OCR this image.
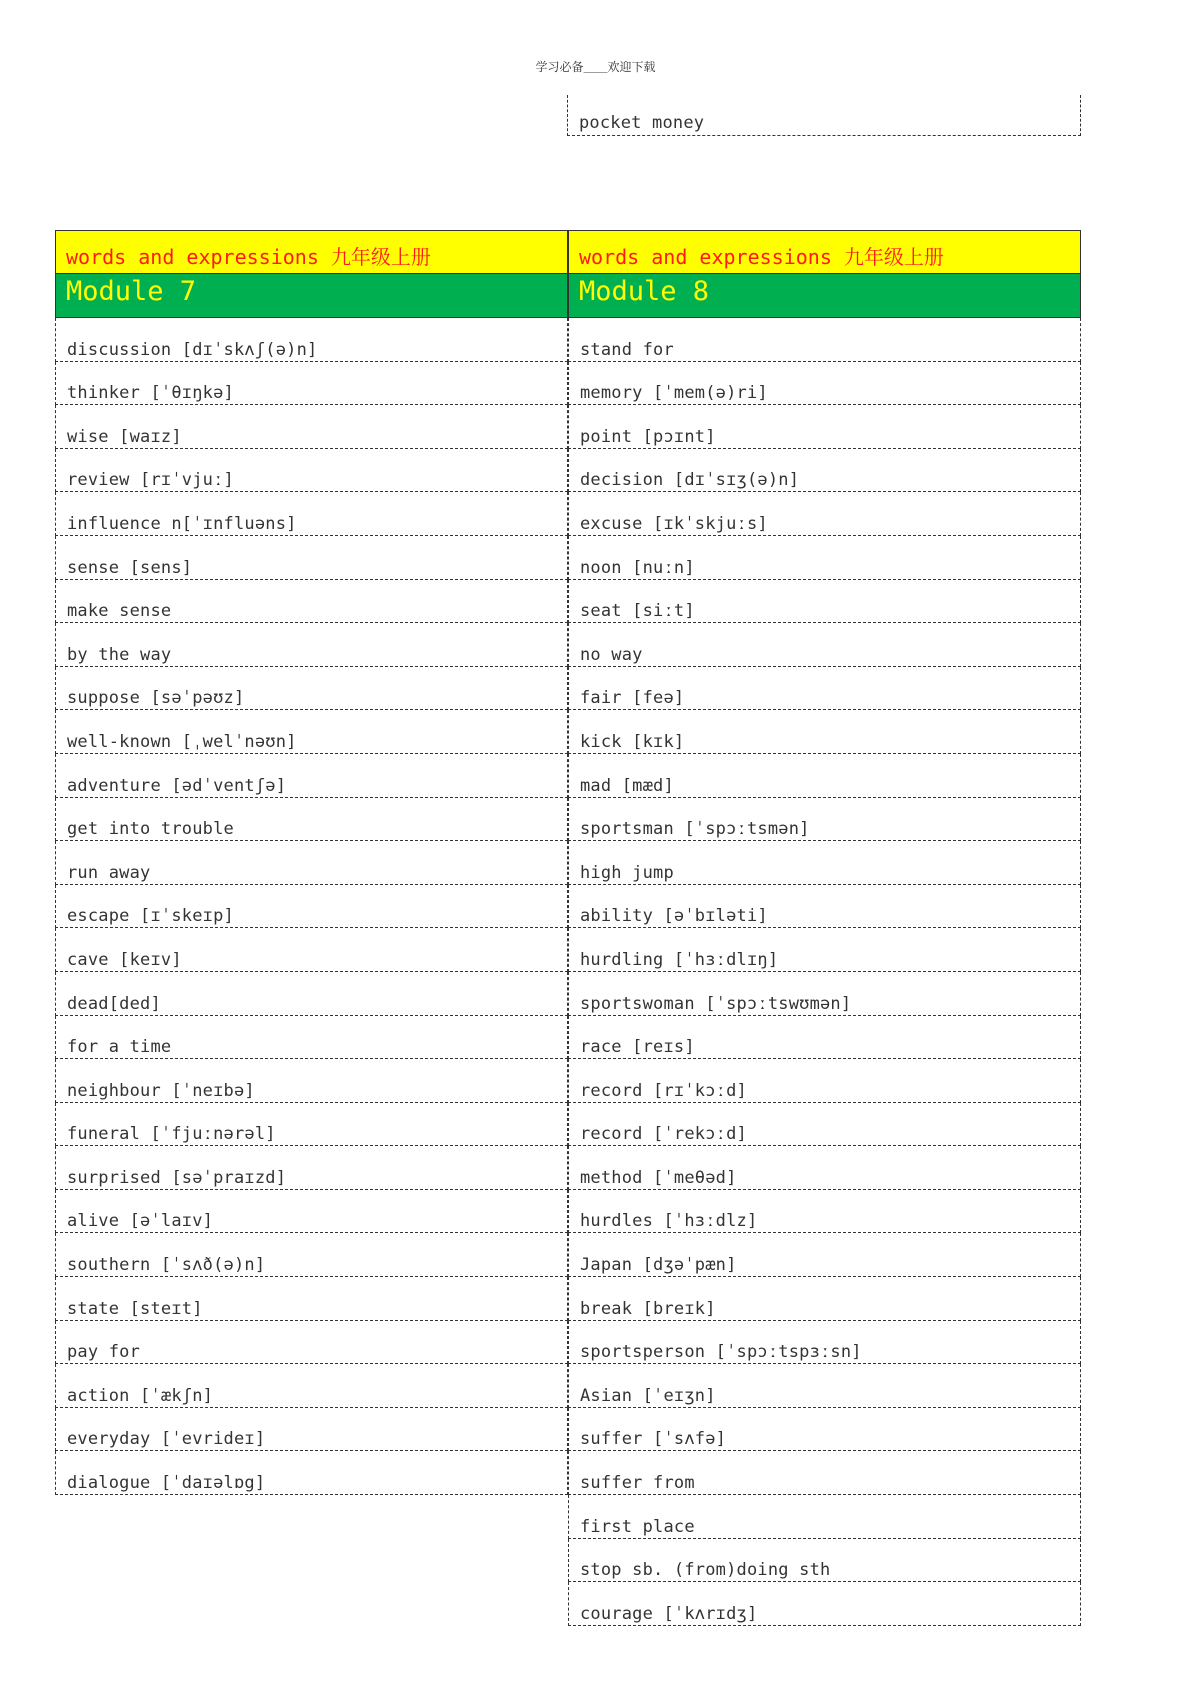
学习必备＿＿欢迎下载
pocket money
words and expressions 九年级上册
Module 7
discussion [dɪˈskʌʃ(ə)n]
thinker [ˈθɪŋkə]
wise [waɪz]
review [rɪˈvjuː]
influence n[ˈɪnfluəns]
sense [sens]
make sense
by the way
suppose [səˈpəʊz]
well-known [ˌwelˈnəʊn]
adventure [ədˈventʃə]
get into trouble
run away
escape [ɪˈskeɪp]
cave [keɪv]
dead[ded]
for a time
neighbour [ˈneɪbə]
funeral [ˈfjuːnərəl]
surprised [səˈpraɪzd]
alive [əˈlaɪv]
southern [ˈsʌð(ə)n]
state [steɪt]
pay for
action [ˈækʃn]
everyday [ˈevrideɪ]
dialogue [ˈdaɪəlɒg]
words and expressions 九年级上册
Module 8
stand for
memory [ˈmem(ə)ri]
point [pɔɪnt]
decision [dɪˈsɪʒ(ə)n]
excuse [ɪkˈskjuːs]
noon [nuːn]
seat [siːt]
no way
fair [feə]
kick [kɪk]
mad [mæd]
sportsman [ˈspɔːtsmən]
high jump
ability [əˈbɪləti]
hurdling [ˈhɜːdlɪŋ]
sportswoman [ˈspɔːtswʊmən]
race [reɪs]
record [rɪˈkɔːd]
record [ˈrekɔːd]
method [ˈmeθəd]
hurdles [ˈhɜːdlz]
Japan [dʒəˈpæn]
break [breɪk]
sportsperson [ˈspɔːtspɜːsn]
Asian [ˈeɪʒn]
suffer [ˈsʌfə]
suffer from
first place
stop sb. (from)doing sth
courage [ˈkʌrɪdʒ]
